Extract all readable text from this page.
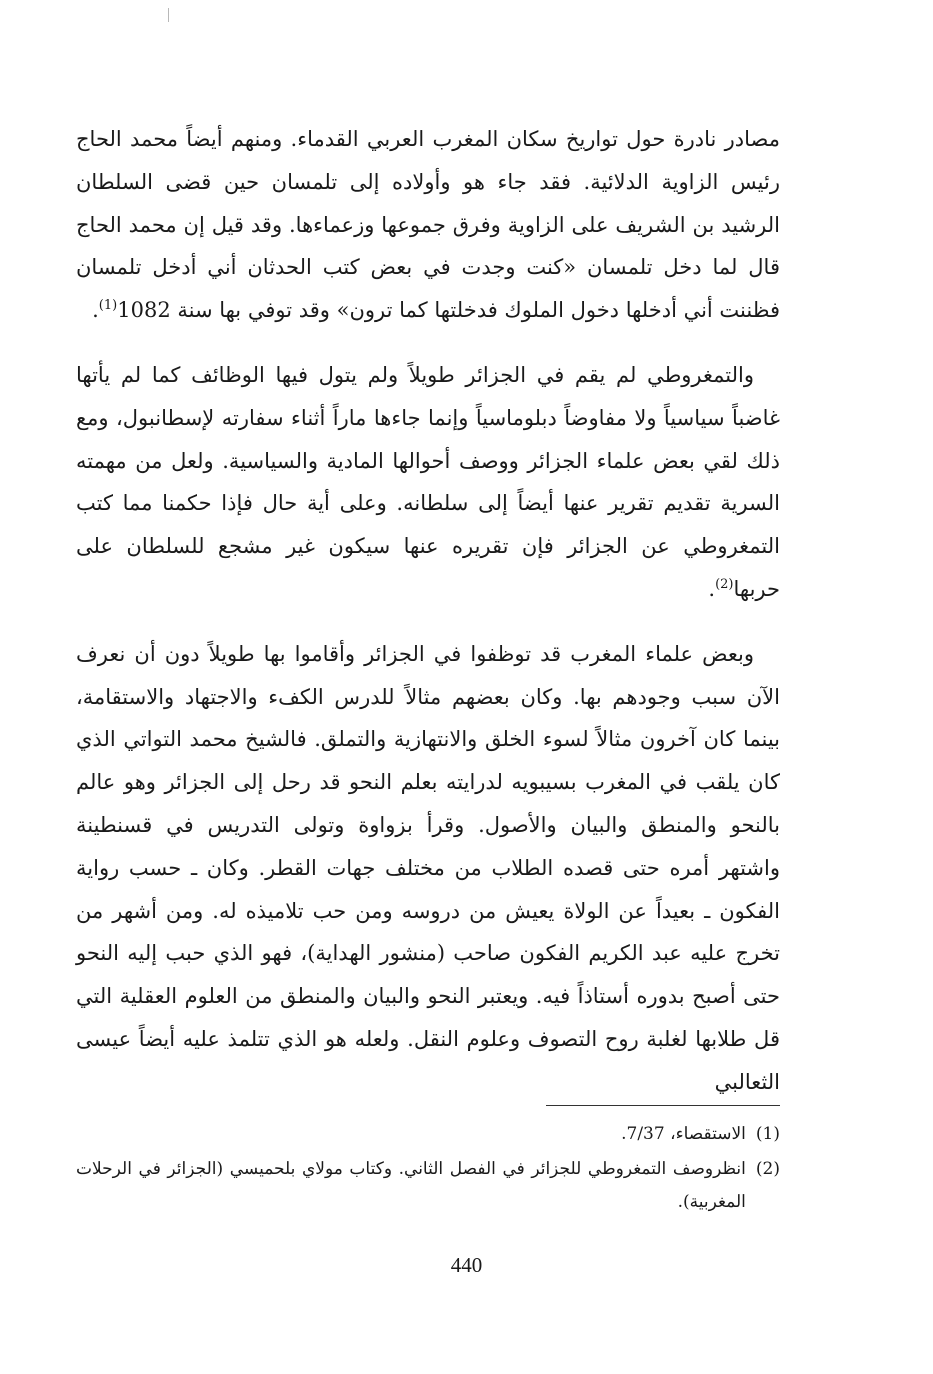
مصادر نادرة حول تواريخ سكان المغرب العربي القدماء. ومنهم أيضاً محمد الحاج رئيس الزاوية الدلائية. فقد جاء هو وأولاده إلى تلمسان حين قضى السلطان الرشيد بن الشريف على الزاوية وفرق جموعها وزعماءها. وقد قيل إن محمد الحاج قال لما دخل تلمسان «كنت وجدت في بعض كتب الحدثان أني أدخل تلمسان فظننت أني أدخلها دخول الملوك فدخلتها كما ترون» وقد توفي بها سنة 1082$^{(1)}$.

والتمغروطي لم يقم في الجزائر طويلاً ولم يتول فيها الوظائف كما لم يأتها غاضباً سياسياً ولا مفاوضاً دبلوماسياً وإنما جاءها ماراً أثناء سفارته لإسطانبول، ومع ذلك لقي بعض علماء الجزائر ووصف أحوالها المادية والسياسية. ولعل من مهمته السرية تقديم تقرير عنها أيضاً إلى سلطانه. وعلى أية حال فإذا حكمنا مما كتب التمغروطي عن الجزائر فإن تقريره عنها سيكون غير مشجع للسلطان على حربها$^{(2)}$.

وبعض علماء المغرب قد توظفوا في الجزائر وأقاموا بها طويلاً دون أن نعرف الآن سبب وجودهم بها. وكان بعضهم مثالاً للدرس الكفء والاجتهاد والاستقامة، بينما كان آخرون مثالاً لسوء الخلق والانتهازية والتملق. فالشيخ محمد التواتي الذي كان يلقب في المغرب بسيبويه لدرايته بعلم النحو قد رحل إلى الجزائر وهو عالم بالنحو والمنطق والبيان والأصول. وقرأ بزواوة وتولى التدريس في قسنطينة واشتهر أمره حتى قصده الطلاب من مختلف جهات القطر. وكان ـ حسب رواية الفكون ـ بعيداً عن الولاة يعيش من دروسه ومن حب تلاميذه له. ومن أشهر من تخرج عليه عبد الكريم الفكون صاحب (منشور الهداية)، فهو الذي حبب إليه النحو حتى أصبح بدوره أستاذاً فيه. ويعتبر النحو والبيان والمنطق من العلوم العقلية التي قل طلابها لغلبة روح التصوف وعلوم النقل. ولعله هو الذي تتلمذ عليه أيضاً عيسى الثعالبي

(1)
الاستقصاء، 7/37.
(2)
انظروصف التمغروطي للجزائر في الفصل الثاني. وكتاب مولاي بلحميسي (الجزائر في الرحلات المغربية).
440
